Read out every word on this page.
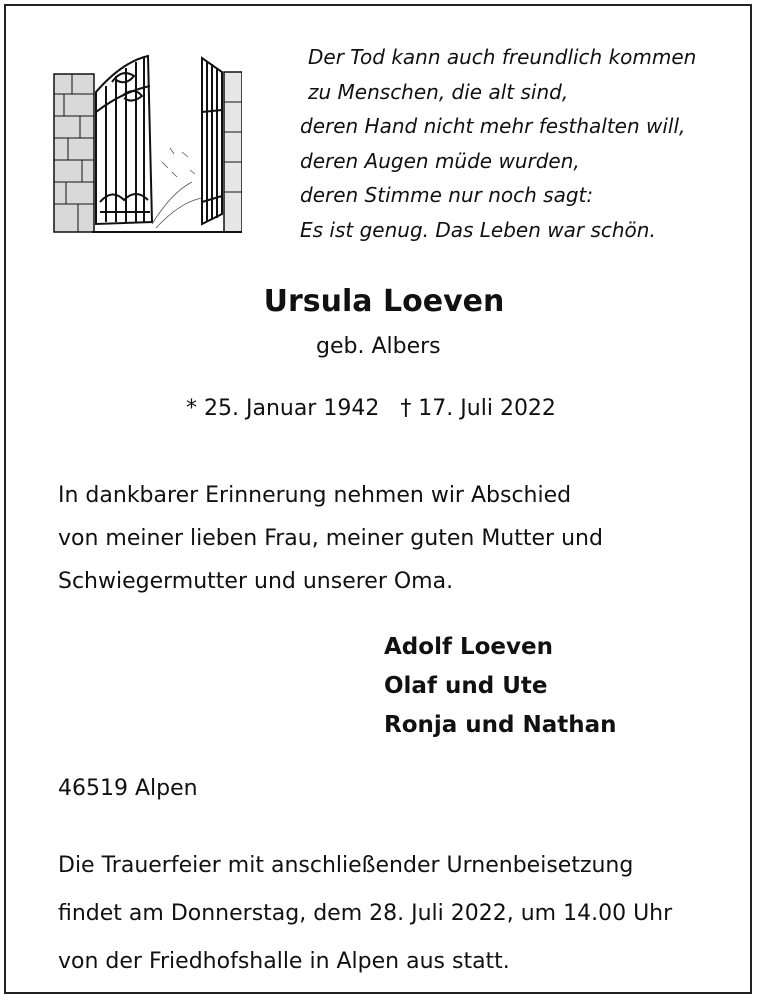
Der Tod kann auch freundlich kommen
zu Menschen, die alt sind,
deren Hand nicht mehr festhalten will,
deren Augen müde wurden,
deren Stimme nur noch sagt:
Es ist genug. Das Leben war schön.
Ursula Loeven
geb. Albers
* 25. Januar 1942   † 17. Juli 2022
In dankbarer Erinnerung nehmen wir Abschied
von meiner lieben Frau, meiner guten Mutter und
Schwiegermutter und unserer Oma.
Adolf Loeven
Olaf und Ute
Ronja und Nathan
46519 Alpen
Die Trauerfeier mit anschließender Urnenbeisetzung
findet am Donnerstag, dem 28. Juli 2022, um 14.00 Uhr
von der Friedhofshalle in Alpen aus statt.
